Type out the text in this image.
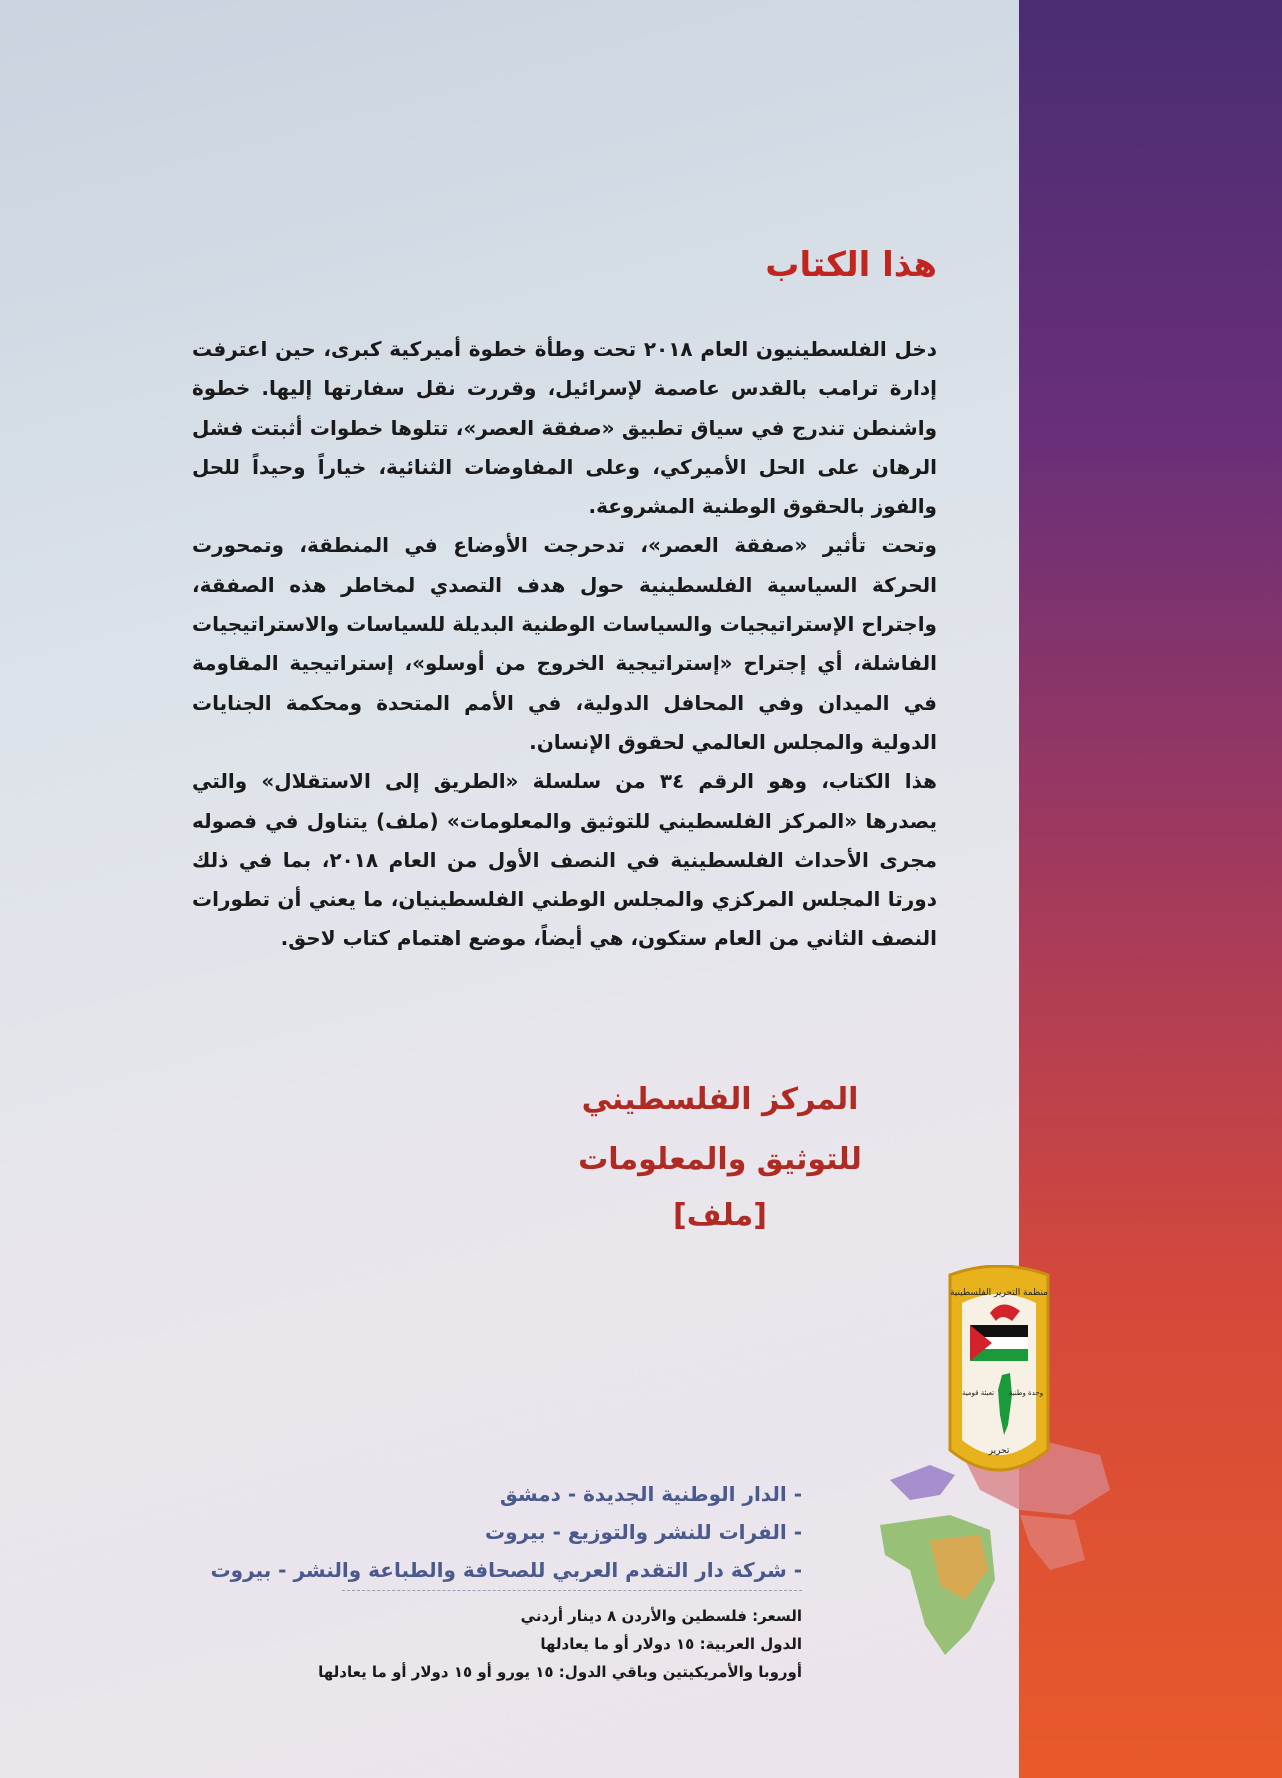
هذا الكتاب

دخل الفلسطينيون العام ٢٠١٨ تحت وطأة خطوة أميركية كبرى، حين اعترفت إدارة ترامب بالقدس عاصمة لإسرائيل، وقررت نقل سفارتها إليها. خطوة واشنطن تندرج في سياق تطبيق «صفقة العصر»، تتلوها خطوات أثبتت فشل الرهان على الحل الأميركي، وعلى المفاوضات الثنائية، خياراً وحيداً للحل والفوز بالحقوق الوطنية المشروعة.

وتحت تأثير «صفقة العصر»، تدحرجت الأوضاع في المنطقة، وتمحورت الحركة السياسية الفلسطينية حول هدف التصدي لمخاطر هذه الصفقة، واجتراح الإستراتيجيات والسياسات الوطنية البديلة للسياسات والاستراتيجيات الفاشلة، أي إجتراح «إستراتيجية الخروج من أوسلو»، إستراتيجية المقاومة في الميدان وفي المحافل الدولية، في الأمم المتحدة ومحكمة الجنايات الدولية والمجلس العالمي لحقوق الإنسان.

هذا الكتاب، وهو الرقم ٣٤ من سلسلة «الطريق إلى الاستقلال» والتي يصدرها «المركز الفلسطيني للتوثيق والمعلومات» (ملف) يتناول في فصوله مجرى الأحداث الفلسطينية في النصف الأول من العام ٢٠١٨، بما في ذلك دورتا المجلس المركزي والمجلس الوطني الفلسطينيان، ما يعني أن تطورات النصف الثاني من العام ستكون، هي أيضاً، موضع اهتمام كتاب لاحق.

المركز الفلسطيني
للتوثيق والمعلومات
[ملف]
منظمة التحرير الفلسطينية
تعبئة قومية وحدة وطنية
تحرير
- الدار الوطنية الجديدة - دمشق
- الفرات للنشر والتوزيع - بيروت
- شركة دار التقدم العربي للصحافة والطباعة والنشر - بيروت
السعر: فلسطين والأردن ٨ دينار أردني
الدول العربية: ١٥ دولار أو ما يعادلها
أوروبا والأمريكيتين وباقي الدول: ١٥ يورو أو ١٥ دولار أو ما يعادلها
